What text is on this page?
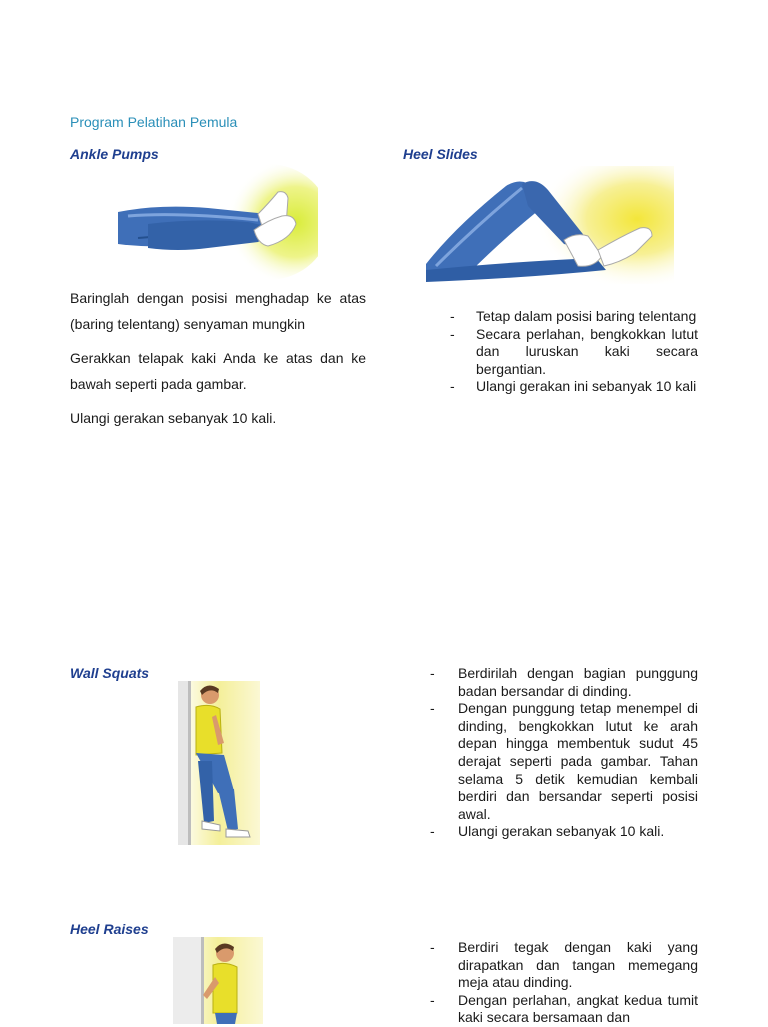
Program Pelatihan Pemula
Ankle Pumps

Baringlah dengan posisi menghadap ke atas (baring telentang) senyaman mungkin

Gerakkan telapak kaki Anda ke atas dan ke bawah seperti pada gambar.

Ulangi gerakan sebanyak 10 kali.

Heel Slides
- Tetap dalam posisi baring telentang
- Secara perlahan, bengkokkan lutut dan luruskan kaki secara bergantian.
- Ulangi gerakan ini sebanyak 10 kali
Wall Squats
-	Berdirilah dengan bagian punggung badan bersandar di dinding.
- Dengan punggung tetap menempel di dinding, bengkokkan lutut ke arah depan hingga membentuk sudut 45 derajat seperti pada gambar. Tahan selama 5 detik kemudian kembali berdiri dan bersandar seperti posisi awal.
- Ulangi gerakan sebanyak 10 kali.
Heel Raises
- Berdiri tegak dengan kaki yang dirapatkan dan tangan memegang meja atau dinding.
- Dengan perlahan, angkat kedua tumit kaki secara bersamaan dan
